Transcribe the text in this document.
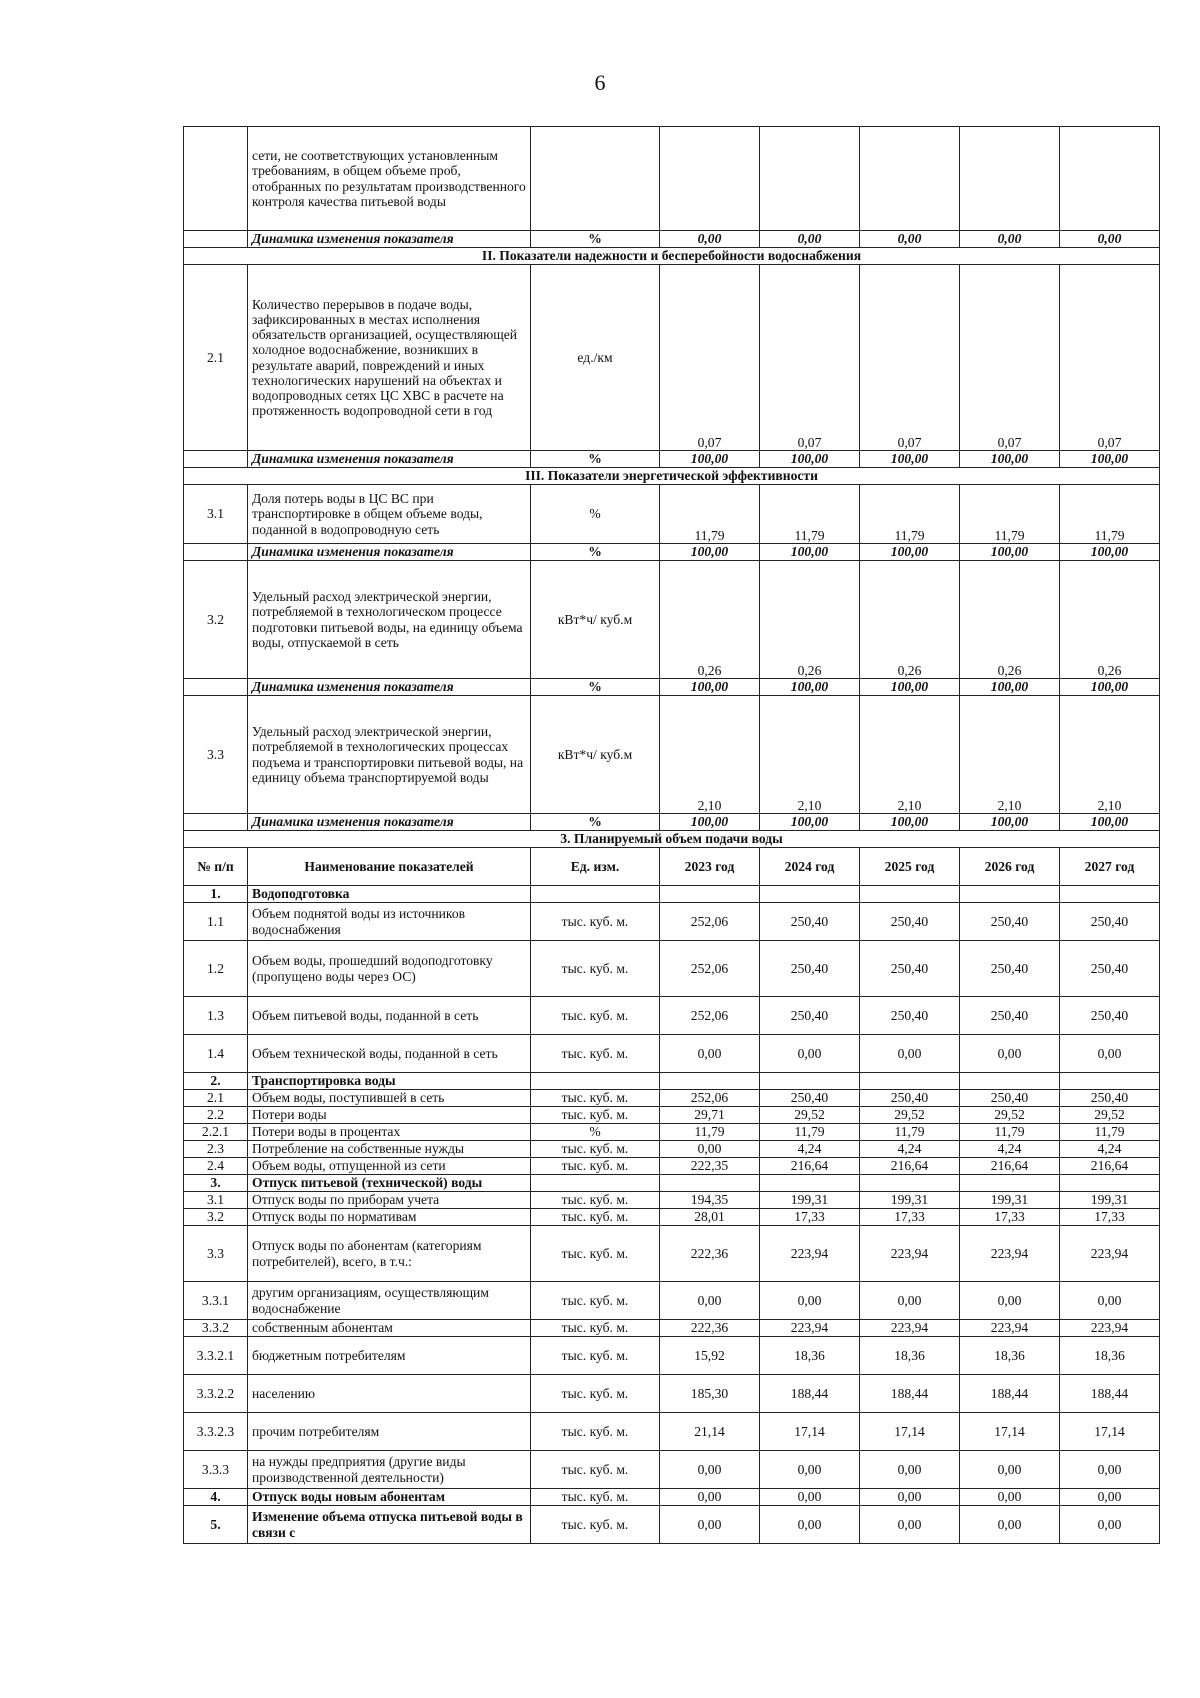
6
	сети, не соответствующих установленным требованиям, в общем объеме проб, отобранных по результатам производственного контроля качества питьевой воды						
	Динамика изменения показателя	%	0,00	0,00	0,00	0,00	0,00
II. Показатели надежности и бесперебойности водоснабжения							
2.1	Количество перерывов в подаче воды, зафиксированных в местах исполнения обязательств организацией, осуществляющей холодное водоснабжение, возникших в результате аварий, повреждений и иных технологических нарушений на объектах и водопроводных сетях ЦС ХВС в расчете на протяженность водопроводной сети в год	ед./км	0,07	0,07	0,07	0,07	0,07
	Динамика изменения показателя	%	100,00	100,00	100,00	100,00	100,00
III. Показатели энергетической эффективности							
3.1	Доля потерь воды в ЦС ВС при транспортировке в общем объеме воды, поданной в водопроводную сеть	%	11,79	11,79	11,79	11,79	11,79
	Динамика изменения показателя	%	100,00	100,00	100,00	100,00	100,00
3.2	Удельный расход электрической энергии, потребляемой в технологическом процессе подготовки питьевой воды, на единицу объема воды, отпускаемой в сеть	кВт*ч/ куб.м	0,26	0,26	0,26	0,26	0,26
	Динамика изменения показателя	%	100,00	100,00	100,00	100,00	100,00
3.3	Удельный расход электрической энергии, потребляемой в технологических процессах подъема и транспортировки питьевой воды, на единицу объема транспортируемой воды	кВт*ч/ куб.м	2,10	2,10	2,10	2,10	2,10
	Динамика изменения показателя	%	100,00	100,00	100,00	100,00	100,00
3. Планируемый объем подачи воды							
№ п/п	Наименование показателей	Ед. изм.	2023 год	2024 год	2025 год	2026 год	2027 год
1.	Водоподготовка						
1.1	Объем поднятой воды из источников водоснабжения	тыс. куб. м.	252,06	250,40	250,40	250,40	250,40
1.2	Объем воды, прошедший водоподготовку (пропущено воды через ОС)	тыс. куб. м.	252,06	250,40	250,40	250,40	250,40
1.3	Объем питьевой воды, поданной в сеть	тыс. куб. м.	252,06	250,40	250,40	250,40	250,40
1.4	Объем технической воды, поданной в сеть	тыс. куб. м.	0,00	0,00	0,00	0,00	0,00
2.	Транспортировка воды						
2.1	Объем воды, поступившей в сеть	тыс. куб. м.	252,06	250,40	250,40	250,40	250,40
2.2	Потери воды	тыс. куб. м.	29,71	29,52	29,52	29,52	29,52
2.2.1	Потери воды в процентах	%	11,79	11,79	11,79	11,79	11,79
2.3	Потребление на собственные нужды	тыс. куб. м.	0,00	4,24	4,24	4,24	4,24
2.4	Объем воды, отпущенной из сети	тыс. куб. м.	222,35	216,64	216,64	216,64	216,64
3.	Отпуск питьевой (технической) воды						
3.1	Отпуск воды по приборам учета	тыс. куб. м.	194,35	199,31	199,31	199,31	199,31
3.2	Отпуск воды по нормативам	тыс. куб. м.	28,01	17,33	17,33	17,33	17,33
3.3	Отпуск воды по абонентам (категориям потребителей), всего, в т.ч.:	тыс. куб. м.	222,36	223,94	223,94	223,94	223,94
3.3.1	другим организациям, осуществляющим водоснабжение	тыс. куб. м.	0,00	0,00	0,00	0,00	0,00
3.3.2	собственным абонентам	тыс. куб. м.	222,36	223,94	223,94	223,94	223,94
3.3.2.1	бюджетным потребителям	тыс. куб. м.	15,92	18,36	18,36	18,36	18,36
3.3.2.2	населению	тыс. куб. м.	185,30	188,44	188,44	188,44	188,44
3.3.2.3	прочим потребителям	тыс. куб. м.	21,14	17,14	17,14	17,14	17,14
3.3.3	на нужды предприятия (другие виды производственной деятельности)	тыс. куб. м.	0,00	0,00	0,00	0,00	0,00
4.	Отпуск воды новым абонентам	тыс. куб. м.	0,00	0,00	0,00	0,00	0,00
5.	Изменение объема отпуска питьевой воды в связи с	тыс. куб. м.	0,00	0,00	0,00	0,00	0,00
